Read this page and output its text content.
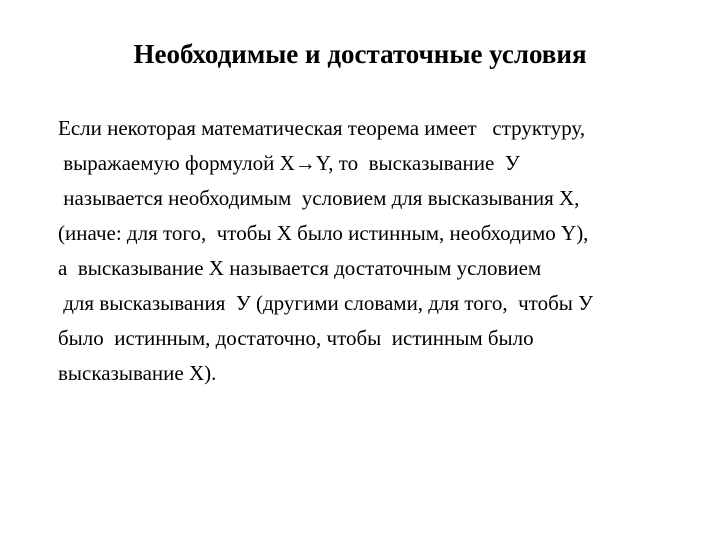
Необходимые и достаточные условия
Если некоторая математическая теорема имеет   структуру,
выражаемую формулой X→Y, то  высказывание  У
называется необходимым  условием для высказывания X,
(иначе: для того,  чтобы X было истинным, необходимо Y),
а  высказывание X называется достаточным условием
для высказывания  У (другими словами, для того,  чтобы У
было  истинным, достаточно, чтобы  истинным было
высказывание X).
